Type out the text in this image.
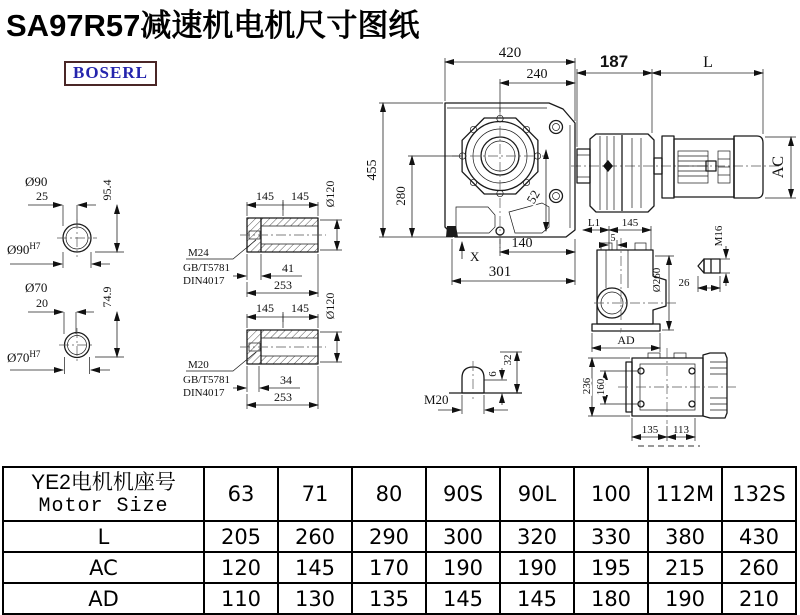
Ø90
25	95.4
$Ø90^{H7}$
Ø70
20	74.9
$Ø70^{H7}$
145 145 Ø120
M24
GB/T5781
DIN4017
41
253
145 145 Ø120
M20
GB/T5781
DIN4017
34
253
420
240
455
280	52
140
301
X
187	L
AC
L1 145
5
Ø260
AD
M16
26
M20
6
32
236 160
135 113
SA97R57减速机电机尺寸图纸
BOSERL
YE2电机机座号
Motor Size	63	71	80	90S	90L	100	112M	132S
L	205	260	290	300	320	330	380	430
AC	120	145	170	190	190	195	215	260
AD	110	130	135	145	145	180	190	210
